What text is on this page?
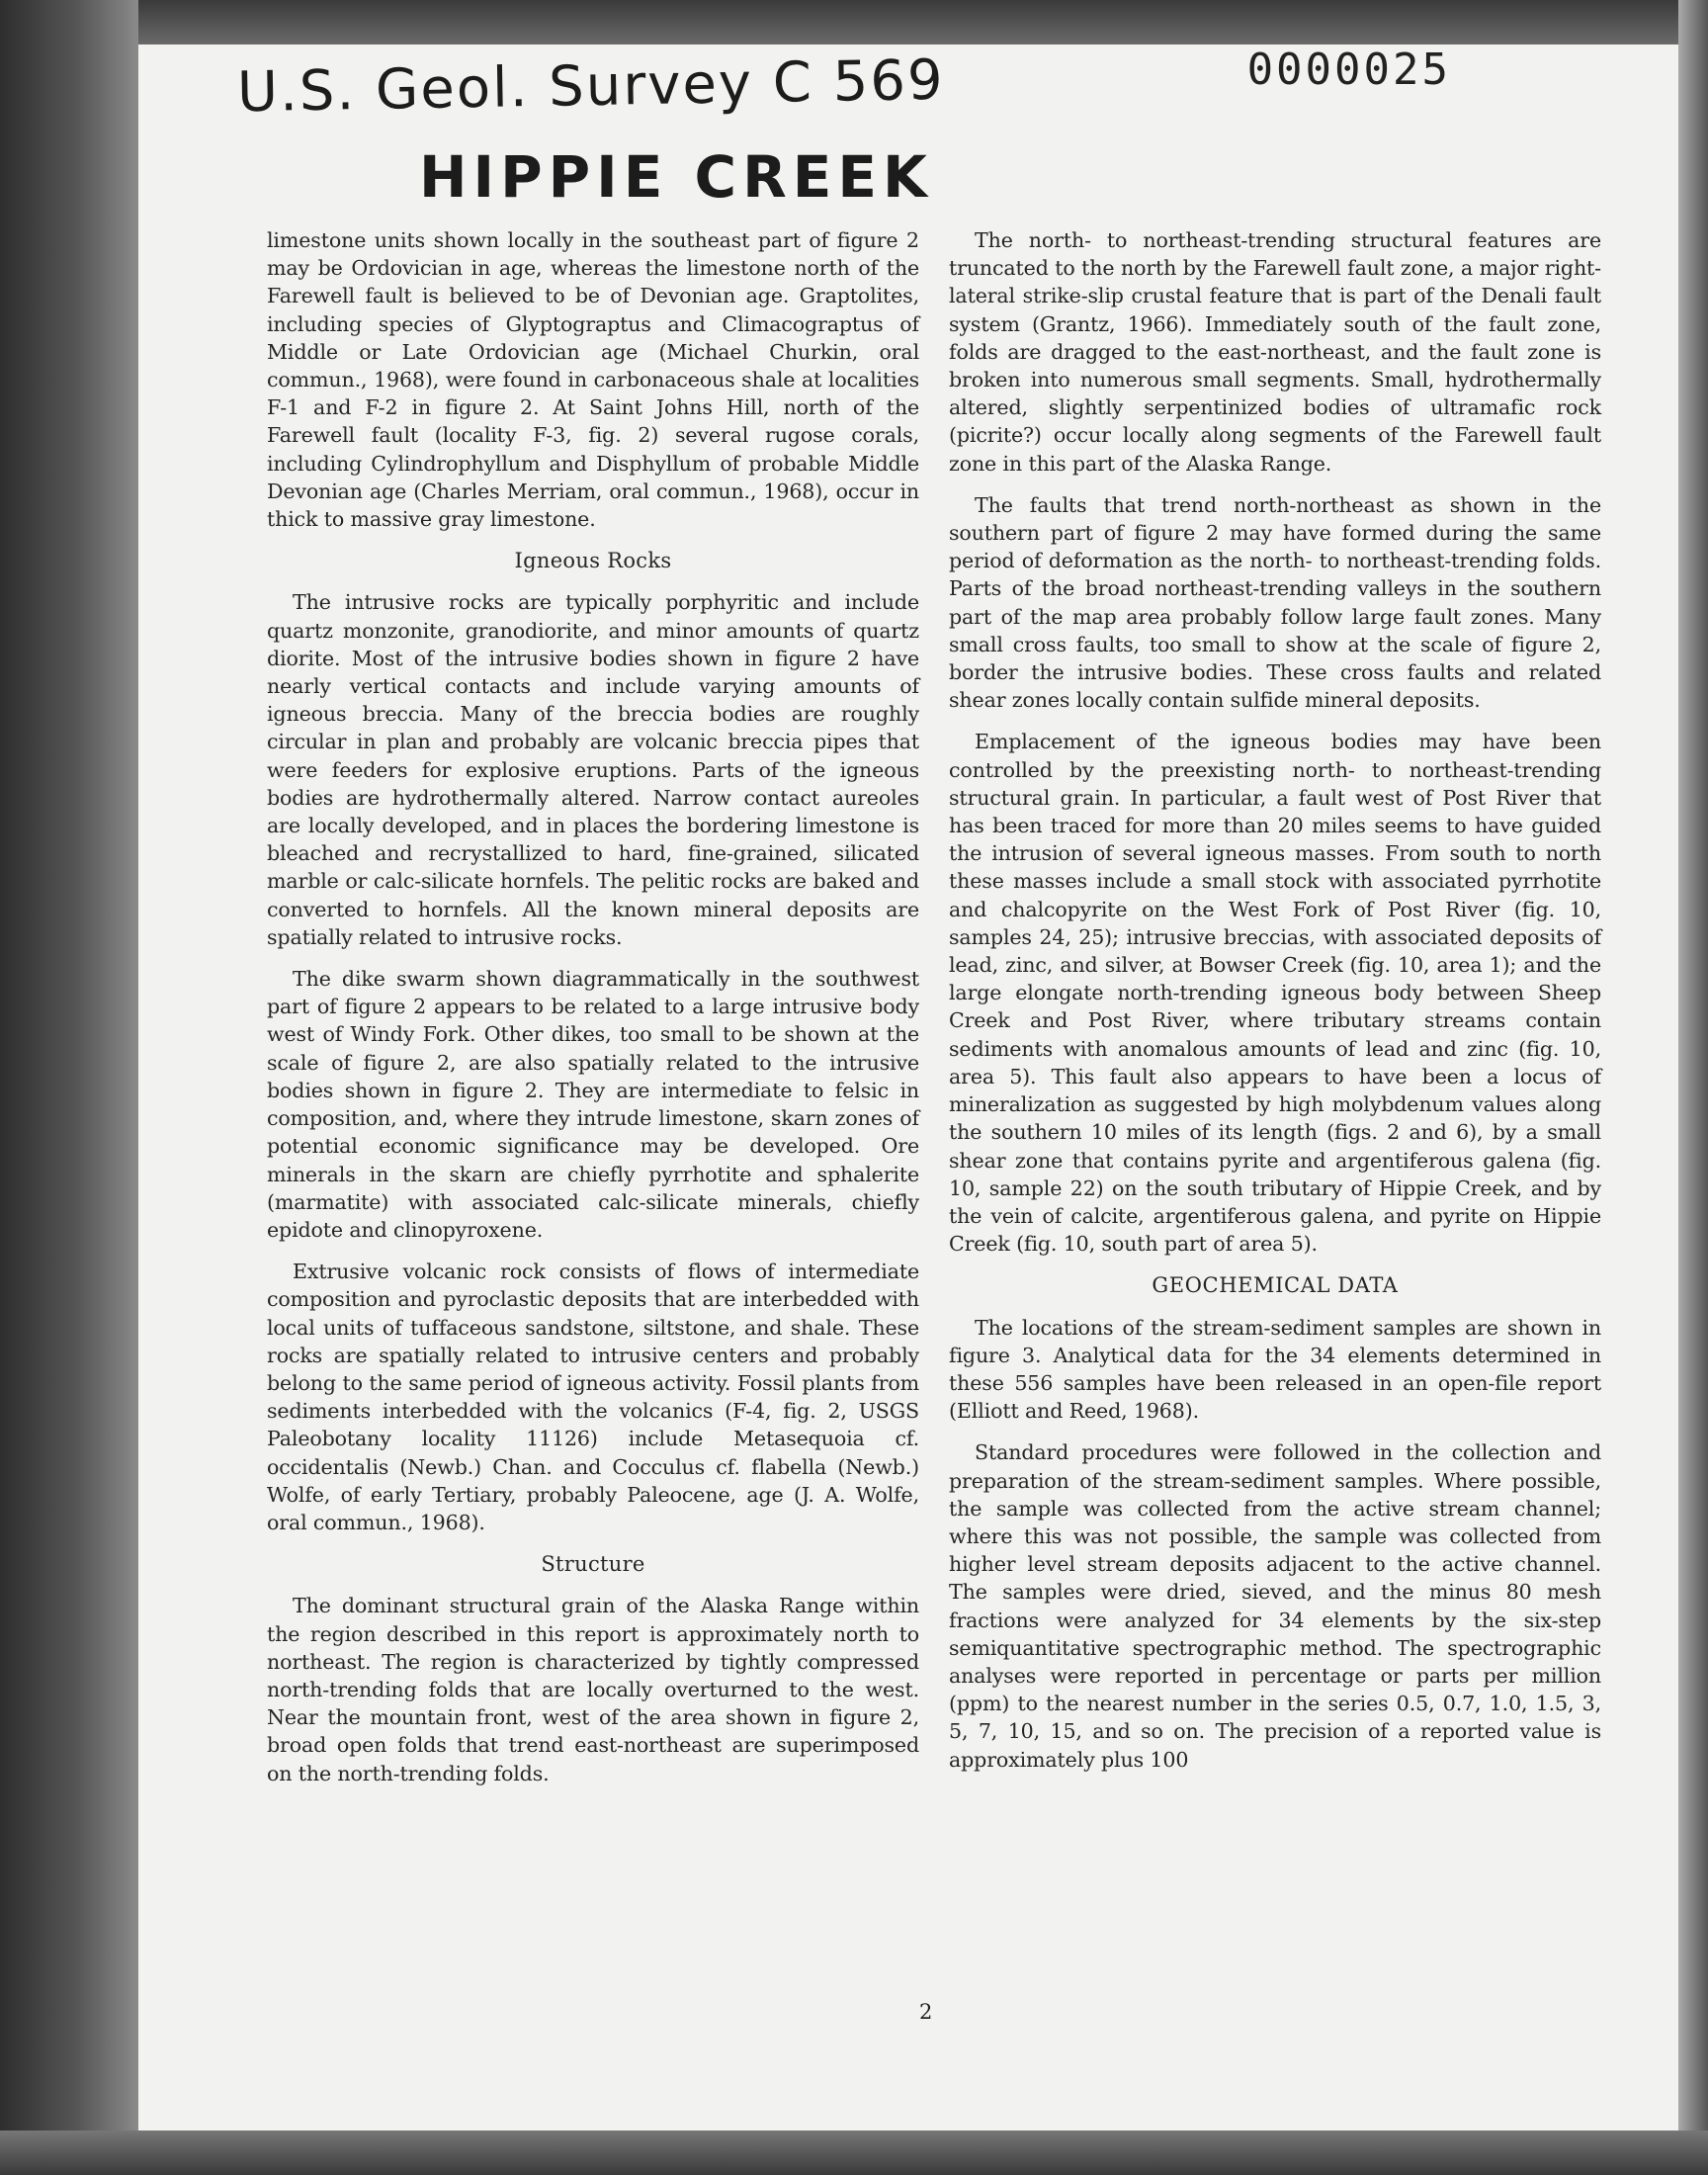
U.S. Geol. Survey C 569
HIPPIE CREEK
0000025

limestone units shown locally in the southeast part of figure 2 may be Ordovician in age, whereas the limestone north of the Farewell fault is believed to be of Devonian age. Graptolites, including species of Glyptograptus and Climacograptus of Middle or Late Ordovician age (Michael Churkin, oral commun., 1968), were found in carbonaceous shale at localities F-1 and F-2 in figure 2. At Saint Johns Hill, north of the Farewell fault (locality F-3, fig. 2) several rugose corals, including Cylindrophyllum and Disphyllum of probable Middle Devonian age (Charles Merriam, oral commun., 1968), occur in thick to massive gray limestone.

Igneous Rocks

The intrusive rocks are typically porphyritic and include quartz monzonite, granodiorite, and minor amounts of quartz diorite. Most of the intrusive bodies shown in figure 2 have nearly vertical contacts and include varying amounts of igneous breccia. Many of the breccia bodies are roughly circular in plan and probably are volcanic breccia pipes that were feeders for explosive eruptions. Parts of the igneous bodies are hydrothermally altered. Narrow contact aureoles are locally developed, and in places the bordering limestone is bleached and recrystallized to hard, fine-grained, silicated marble or calc-silicate hornfels. The pelitic rocks are baked and converted to hornfels. All the known mineral deposits are spatially related to intrusive rocks.

The dike swarm shown diagrammatically in the southwest part of figure 2 appears to be related to a large intrusive body west of Windy Fork. Other dikes, too small to be shown at the scale of figure 2, are also spatially related to the intrusive bodies shown in figure 2. They are intermediate to felsic in composition, and, where they intrude limestone, skarn zones of potential economic significance may be developed. Ore minerals in the skarn are chiefly pyrrhotite and sphalerite (marmatite) with associated calc-silicate minerals, chiefly epidote and clinopyroxene.

Extrusive volcanic rock consists of flows of intermediate composition and pyroclastic deposits that are interbedded with local units of tuffaceous sandstone, siltstone, and shale. These rocks are spatially related to intrusive centers and probably belong to the same period of igneous activity. Fossil plants from sediments interbedded with the volcanics (F-4, fig. 2, USGS Paleobotany locality 11126) include Metasequoia cf. occidentalis (Newb.) Chan. and Cocculus cf. flabella (Newb.) Wolfe, of early Tertiary, probably Paleocene, age (J. A. Wolfe, oral commun., 1968).

Structure

The dominant structural grain of the Alaska Range within the region described in this report is approximately north to northeast. The region is characterized by tightly compressed north-trending folds that are locally overturned to the west. Near the mountain front, west of the area shown in figure 2, broad open folds that trend east-northeast are superimposed on the north-trending folds.

The north- to northeast-trending structural features are truncated to the north by the Farewell fault zone, a major right-lateral strike-slip crustal feature that is part of the Denali fault system (Grantz, 1966). Immediately south of the fault zone, folds are dragged to the east-northeast, and the fault zone is broken into numerous small segments. Small, hydrothermally altered, slightly serpentinized bodies of ultramafic rock (picrite?) occur locally along segments of the Farewell fault zone in this part of the Alaska Range.

The faults that trend north-northeast as shown in the southern part of figure 2 may have formed during the same period of deformation as the north- to northeast-trending folds. Parts of the broad northeast-trending valleys in the southern part of the map area probably follow large fault zones. Many small cross faults, too small to show at the scale of figure 2, border the intrusive bodies. These cross faults and related shear zones locally contain sulfide mineral deposits.

Emplacement of the igneous bodies may have been controlled by the preexisting north- to northeast-trending structural grain. In particular, a fault west of Post River that has been traced for more than 20 miles seems to have guided the intrusion of several igneous masses. From south to north these masses include a small stock with associated pyrrhotite and chalcopyrite on the West Fork of Post River (fig. 10, samples 24, 25); intrusive breccias, with associated deposits of lead, zinc, and silver, at Bowser Creek (fig. 10, area 1); and the large elongate north-trending igneous body between Sheep Creek and Post River, where tributary streams contain sediments with anomalous amounts of lead and zinc (fig. 10, area 5). This fault also appears to have been a locus of mineralization as suggested by high molybdenum values along the southern 10 miles of its length (figs. 2 and 6), by a small shear zone that contains pyrite and argentiferous galena (fig. 10, sample 22) on the south tributary of Hippie Creek, and by the vein of calcite, argentiferous galena, and pyrite on Hippie Creek (fig. 10, south part of area 5).

GEOCHEMICAL DATA

The locations of the stream-sediment samples are shown in figure 3. Analytical data for the 34 elements determined in these 556 samples have been released in an open-file report (Elliott and Reed, 1968).

Standard procedures were followed in the collection and preparation of the stream-sediment samples. Where possible, the sample was collected from the active stream channel; where this was not possible, the sample was collected from higher level stream deposits adjacent to the active channel. The samples were dried, sieved, and the minus 80 mesh fractions were analyzed for 34 elements by the six-step semiquantitative spectrographic method. The spectrographic analyses were reported in percentage or parts per million (ppm) to the nearest number in the series 0.5, 0.7, 1.0, 1.5, 3, 5, 7, 10, 15, and so on. The precision of a reported value is approximately plus 100

2
